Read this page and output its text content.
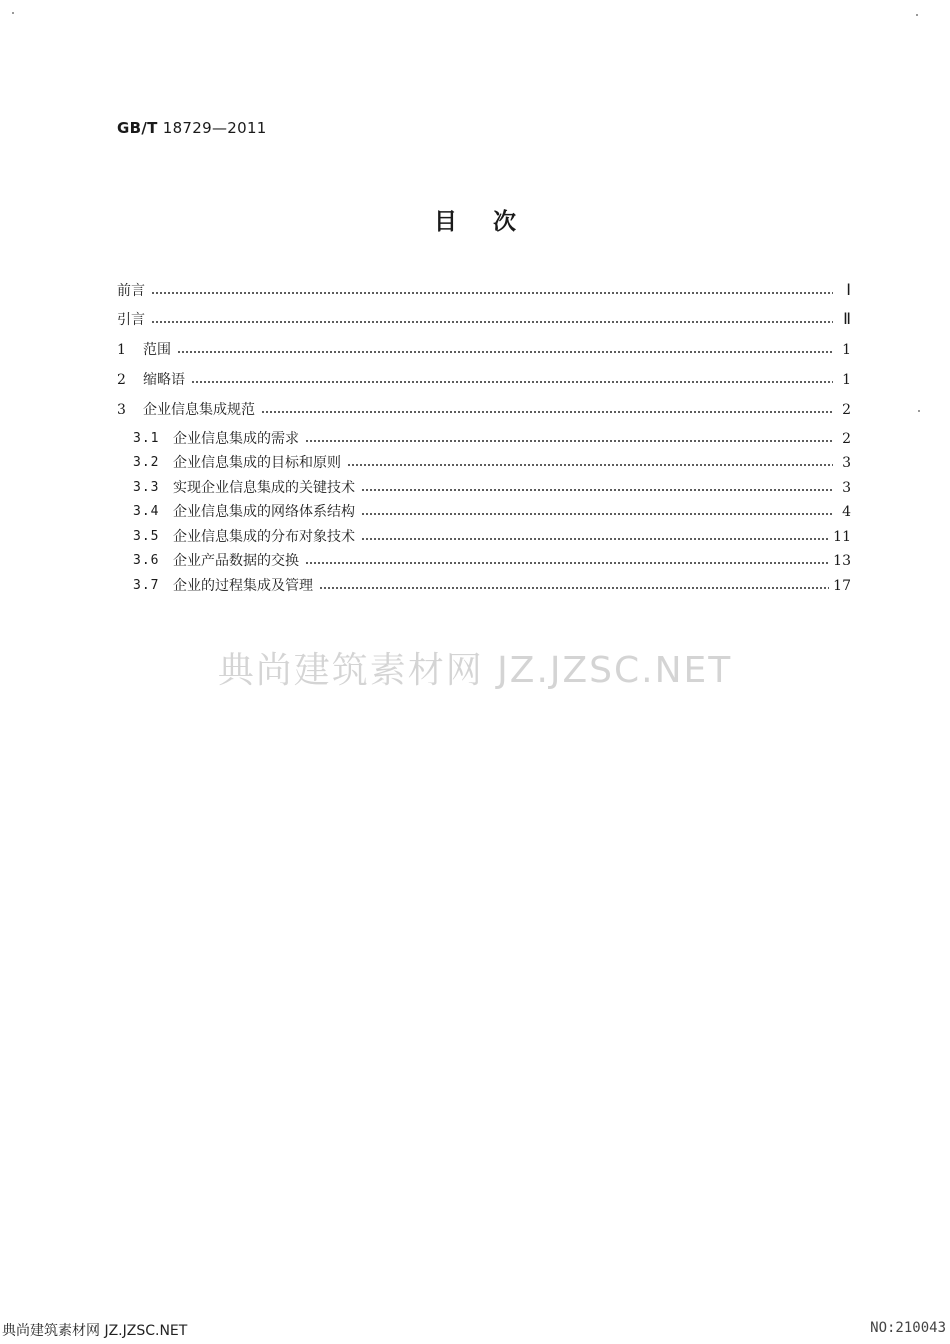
GB/T 18729—2011
目 次
前言	Ⅰ
引言	Ⅱ
1	范围	1
2	缩略语	1
3	企业信息集成规范	2
3.1 企业信息集成的需求	2
3.2 企业信息集成的目标和原则	3
3.3 实现企业信息集成的关键技术	3
3.4 企业信息集成的网络体系结构	4
3.5 企业信息集成的分布对象技术	11
3.6 企业产品数据的交换	13
3.7 企业的过程集成及管理	17
典尚建筑素材网 JZ.JZSC.NET
典尚建筑素材网 JZ.JZSC.NET	NO:210043
